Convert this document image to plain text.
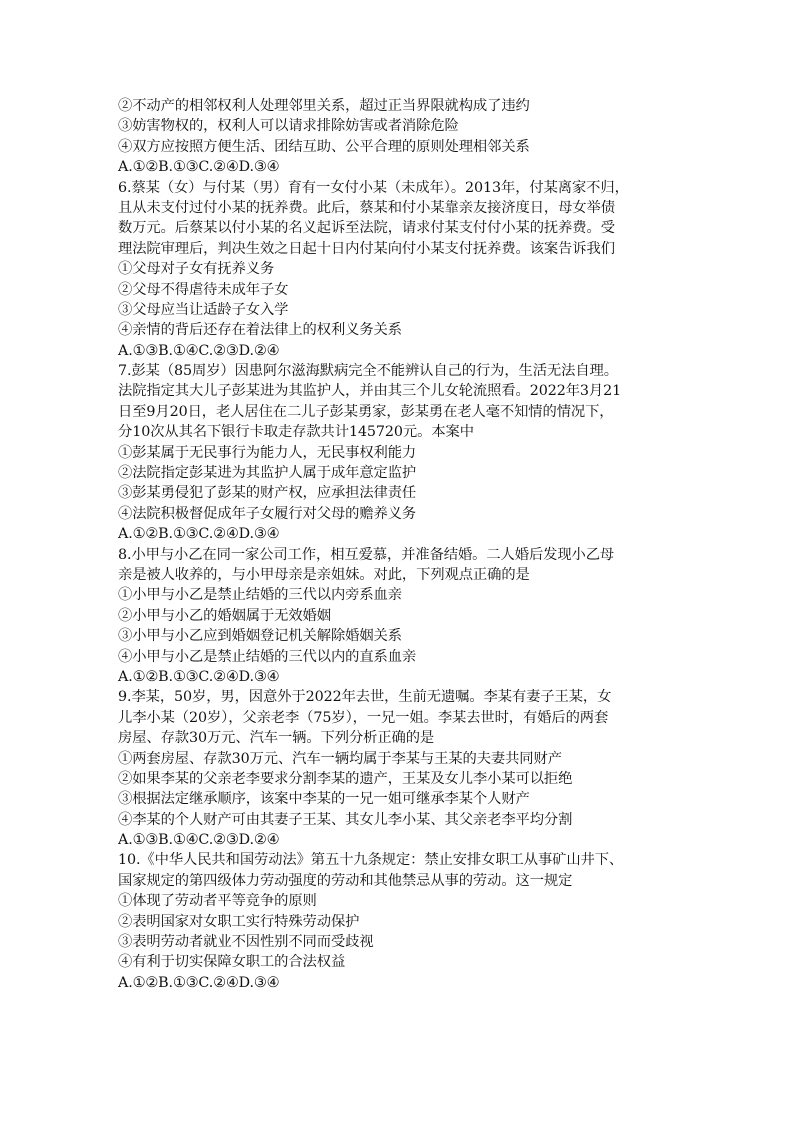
②不动产的相邻权利人处理邻里关系，超过正当界限就构成了违约
③妨害物权的，权利人可以请求排除妨害或者消除危险
④双方应按照方便生活、团结互助、公平合理的原则处理相邻关系
A.①②B.①③C.②④D.③④
6.蔡某（女）与付某（男）育有一女付小某（未成年）。2013年，付某离家不归，
且从未支付过付小某的抚养费。此后，蔡某和付小某靠亲友接济度日，母女举债
数万元。后蔡某以付小某的名义起诉至法院，请求付某支付付小某的抚养费。受
理法院审理后，判决生效之日起十日内付某向付小某支付抚养费。该案告诉我们
①父母对子女有抚养义务
②父母不得虐待未成年子女
③父母应当让适龄子女入学
④亲情的背后还存在着法律上的权利义务关系
A.①③B.①④C.②③D.②④
7.彭某（85周岁）因患阿尔滋海默病完全不能辨认自己的行为，生活无法自理。
法院指定其大儿子彭某进为其监护人，并由其三个儿女轮流照看。2022年3月21
日至9月20日，老人居住在二儿子彭某勇家，彭某勇在老人毫不知情的情况下，
分10次从其名下银行卡取走存款共计145720元。本案中
①彭某属于无民事行为能力人，无民事权利能力
②法院指定彭某进为其监护人属于成年意定监护
③彭某勇侵犯了彭某的财产权，应承担法律责任
④法院积极督促成年子女履行对父母的赡养义务
A.①②B.①③C.②④D.③④
8.小甲与小乙在同一家公司工作，相互爱慕，并准备结婚。二人婚后发现小乙母
亲是被人收养的，与小甲母亲是亲姐妹。对此，下列观点正确的是
①小甲与小乙是禁止结婚的三代以内旁系血亲
②小甲与小乙的婚姻属于无效婚姻
③小甲与小乙应到婚姻登记机关解除婚姻关系
④小甲与小乙是禁止结婚的三代以内的直系血亲
A.①②B.①③C.②④D.③④
9.李某，50岁，男，因意外于2022年去世，生前无遗嘱。李某有妻子王某，女
儿李小某（20岁），父亲老李（75岁），一兄一姐。李某去世时，有婚后的两套
房屋、存款30万元、汽车一辆。下列分析正确的是
①两套房屋、存款30万元、汽车一辆均属于李某与王某的夫妻共同财产
②如果李某的父亲老李要求分割李某的遗产，王某及女儿李小某可以拒绝
③根据法定继承顺序，该案中李某的一兄一姐可继承李某个人财产
④李某的个人财产可由其妻子王某、其女儿李小某、其父亲老李平均分割
A.①③B.①④C.②③D.②④
10.《中华人民共和国劳动法》第五十九条规定：禁止安排女职工从事矿山井下、
国家规定的第四级体力劳动强度的劳动和其他禁忌从事的劳动。这一规定
①体现了劳动者平等竞争的原则
②表明国家对女职工实行特殊劳动保护
③表明劳动者就业不因性别不同而受歧视
④有利于切实保障女职工的合法权益
A.①②B.①③C.②④D.③④
